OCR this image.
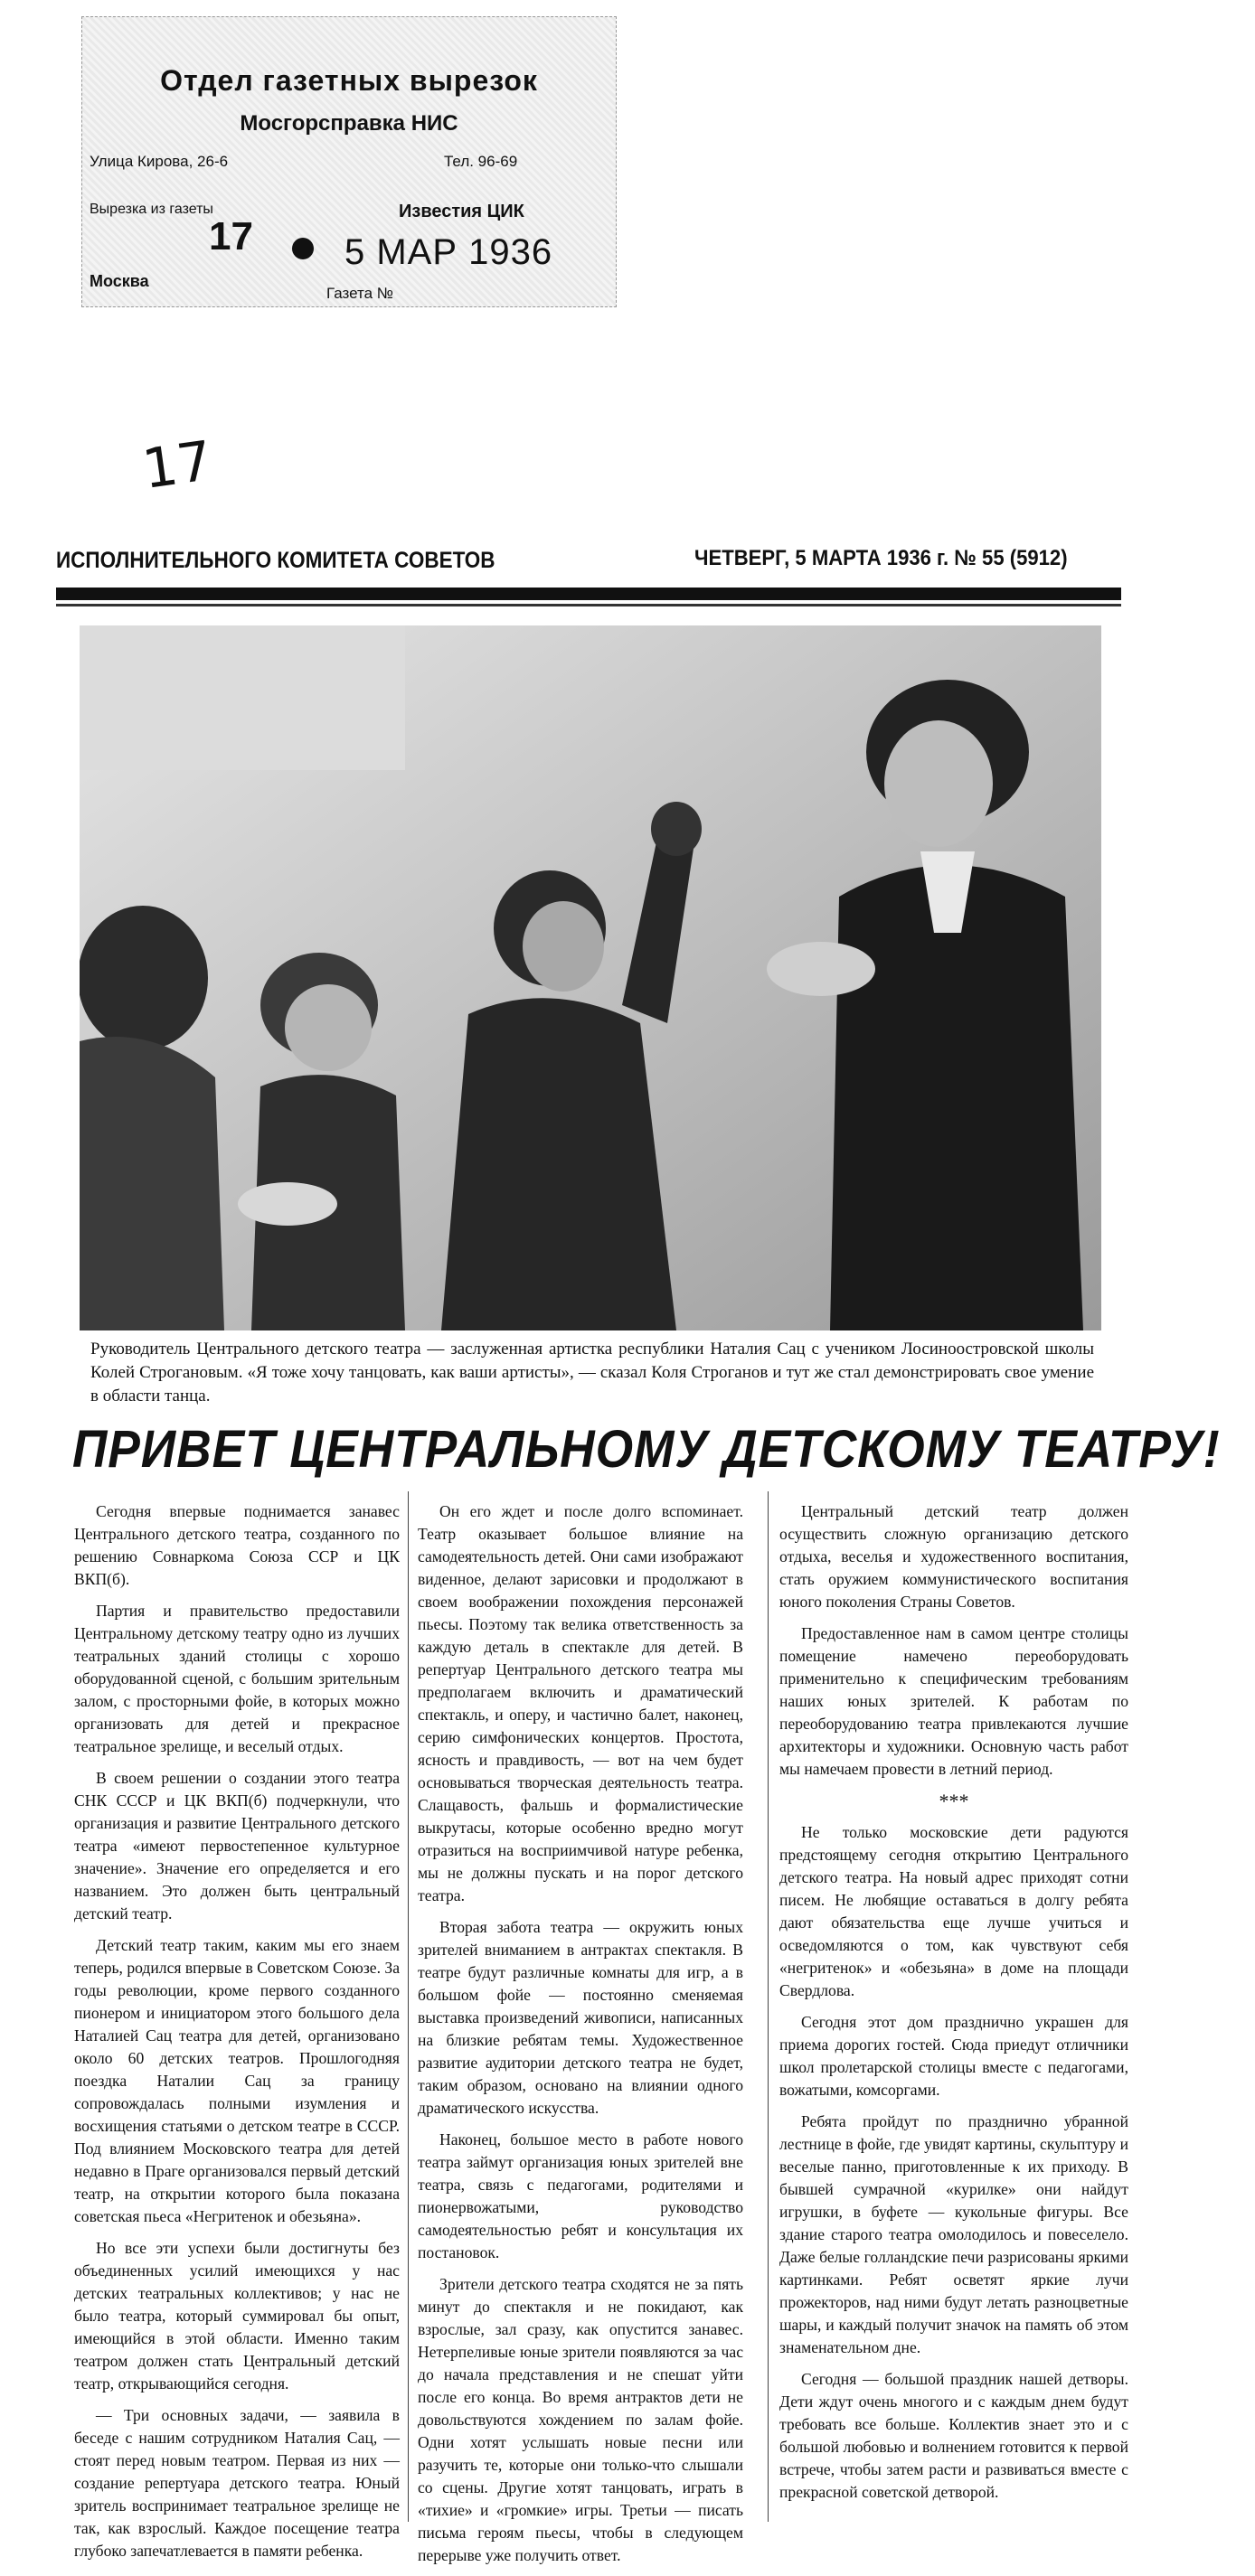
Отдел газетных вырезок
Мосгорсправка НИС
Улица Кирова, 26-6	Тел. 96-69
Вырезка из газеты	Известия ЦИК
17	5 МАР 1936
Москва
Газета №
17
ИСПОЛНИТЕЛЬНОГО КОМИТЕТА СОВЕТОВ	ЧЕТВЕРГ, 5 МАРТА 1936 г. № 55 (5912)
Руководитель Центрального детского театра — заслуженная артистка республики Наталия Сац с учеником Лосиноостровской школы Колей Строгановым. «Я тоже хочу танцовать, как ваши артисты», — сказал Коля Строганов и тут же стал демонстрировать свое умение в области танца.
ПРИВЕТ ЦЕНТРАЛЬНОМУ ДЕТСКОМУ ТЕАТРУ!

Сегодня впервые поднимается занавес Центрального детского театра, созданного по решению Совнаркома Союза ССР и ЦК ВКП(б).

Партия и правительство предоставили Центральному детскому театру одно из лучших театральных зданий столицы с хорошо оборудованной сценой, с большим зрительным залом, с просторными фойе, в которых можно организовать для детей и прекрасное театральное зрелище, и веселый отдых.

В своем решении о создании этого театра СНК СССР и ЦК ВКП(б) подчеркнули, что организация и развитие Центрального детского театра «имеют первостепенное культурное значение». Значение его определяется и его названием. Это должен быть центральный детский театр.

Детский театр таким, каким мы его знаем теперь, родился впервые в Советском Союзе. За годы революции, кроме первого созданного пионером и инициатором этого большого дела Наталией Сац театра для детей, организовано около 60 детских театров. Прошлогодняя поездка Наталии Сац за границу сопровождалась полными изумления и восхищения статьями о детском театре в СССР. Под влиянием Московского театра для детей недавно в Праге организовался первый детский театр, на открытии которого была показана советская пьеса «Негритенок и обезьяна».

Но все эти успехи были достигнуты без объединенных усилий имеющихся у нас детских театральных коллективов; у нас не было театра, который суммировал бы опыт, имеющийся в этой области. Именно таким театром должен стать Центральный детский театр, открывающийся сегодня.

— Три основных задачи, — заявила в беседе с нашим сотрудником Наталия Сац, — стоят перед новым театром. Первая из них — создание репертуара детского театра. Юный зритель воспринимает театральное зрелище не так, как взрослый. Каждое посещение театра глубоко запечатлевается в памяти ребенка.

Он его ждет и после долго вспоминает. Театр оказывает большое влияние на самодеятельность детей. Они сами изображают виденное, делают зарисовки и продолжают в своем воображении похождения персонажей пьесы. Поэтому так велика ответственность за каждую деталь в спектакле для детей. В репертуар Центрального детского театра мы предполагаем включить и драматический спектакль, и оперу, и частично балет, наконец, серию симфонических концертов. Простота, ясность и правдивость, — вот на чем будет основываться творческая деятельность театра. Слащавость, фальшь и формалистические выкрутасы, которые особенно вредно могут отразиться на восприимчивой натуре ребенка, мы не должны пускать и на порог детского театра.

Вторая забота театра — окружить юных зрителей вниманием в антрактах спектакля. В театре будут различные комнаты для игр, а в большом фойе — постоянно сменяемая выставка произведений живописи, написанных на близкие ребятам темы. Художественное развитие аудитории детского театра не будет, таким образом, основано на влиянии одного драматического искусства.

Наконец, большое место в работе нового театра займут организация юных зрителей вне театра, связь с педагогами, родителями и пионервожатыми, руководство самодеятельностью ребят и консультация их постановок.

Зрители детского театра сходятся не за пять минут до спектакля и не покидают, как взрослые, зал сразу, как опустится занавес. Нетерпеливые юные зрители появляются за час до начала представления и не спешат уйти после его конца. Во время антрактов дети не довольствуются хождением по залам фойе. Одни хотят услышать новые песни или разучить те, которые они только-что слышали со сцены. Другие хотят танцовать, играть в «тихие» и «громкие» игры. Третьи — писать письма героям пьесы, чтобы в следующем перерыве уже получить ответ.

Центральный детский театр должен осуществить сложную организацию детского отдыха, веселья и художественного воспитания, стать оружием коммунистического воспитания юного поколения Страны Советов.

Предоставленное нам в самом центре столицы помещение намечено переоборудовать применительно к специфическим требованиям наших юных зрителей. К работам по переоборудованию театра привлекаются лучшие архитекторы и художники. Основную часть работ мы намечаем провести в летний период.

***

Не только московские дети радуются предстоящему сегодня открытию Центрального детского театра. На новый адрес приходят сотни писем. Не любящие оставаться в долгу ребята дают обязательства еще лучше учиться и осведомляются о том, как чувствуют себя «негритенок» и «обезьяна» в доме на площади Свердлова.

Сегодня этот дом празднично украшен для приема дорогих гостей. Сюда приедут отличники школ пролетарской столицы вместе с педагогами, вожатыми, комсоргами.

Ребята пройдут по празднично убранной лестнице в фойе, где увидят картины, скульптуру и веселые панно, приготовленные к их приходу. В бывшей сумрачной «курилке» они найдут игрушки, в буфете — кукольные фигуры. Все здание старого театра омолодилось и повеселело. Даже белые голландские печи разрисованы яркими картинками. Ребят осветят яркие лучи прожекторов, над ними будут летать разноцветные шары, и каждый получит значок на память об этом знаменательном дне.

Сегодня — большой праздник нашей детворы. Дети ждут очень многого и с каждым днем будут требовать все больше. Коллектив знает это и с большой любовью и волнением готовится к первой встрече, чтобы затем расти и развиваться вместе с прекрасной советской детворой.
